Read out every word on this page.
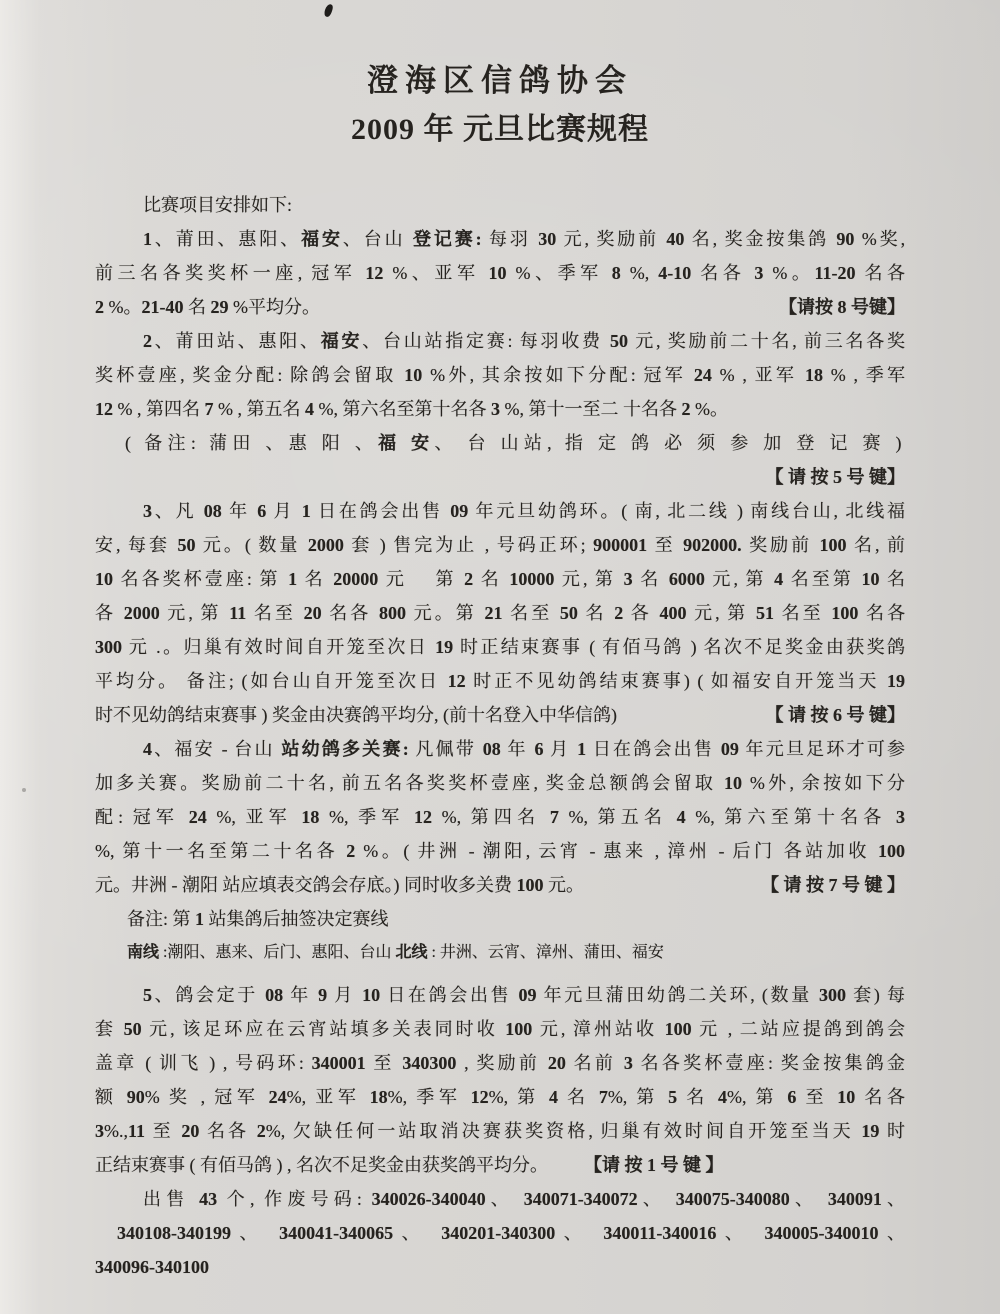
澄海区信鸽协会
2009 年 元旦比赛规程
比赛项目安排如下:
1、莆田、惠阳、福安、台山 登记赛: 每羽 30 元, 奖励前 40 名, 奖金按集鸽 90 %奖,
前三名各奖奖杯一座, 冠军 12 %、亚军 10 %、季军 8 %, 4-10 名各 3 %。11-20 名各
2 %。21-40 名 29 %平均分。	【请按 8 号键】
2、莆田站、惠阳、福安、台山站指定赛: 每羽收费 50 元, 奖励前二十名, 前三名各奖
奖杯壹座, 奖金分配: 除鸽会留取 10 %外, 其余按如下分配: 冠军 24 % , 亚军 18 % , 季军
12 % , 第四名 7 % , 第五名 4 %, 第六名至第十名各 3 %, 第十一至二 十名各 2 %。
( 备注: 蒲田 、惠 阳 、福 安、 台 山站, 指 定 鸽 必 须 参 加 登 记 赛 )
【 请 按 5 号 键】
3、凡 08 年 6 月 1 日在鸽会出售 09 年元旦幼鸽环。( 南, 北二线 ) 南线台山, 北线福
安, 每套 50 元。( 数量 2000 套 ) 售完为止 , 号码正环; 900001 至 902000. 奖励前 100 名, 前
10 名各奖杯壹座: 第 1 名 20000 元　 第 2 名 10000 元, 第 3 名 6000 元, 第 4 名至第 10 名
各 2000 元, 第 11 名至 20 名各 800 元。第 21 名至 50 名 2 各 400 元, 第 51 名至 100 名各
300 元 .。归巢有效时间自开笼至次日 19 时正结束赛事 ( 有佰马鸽 ) 名次不足奖金由获奖鸽
平均分。 备注; (如台山自开笼至次日 12 时正不见幼鸽结束赛事) ( 如福安自开笼当天 19
时不见幼鸽结束赛事 ) 奖金由决赛鸽平均分, (前十名登入中华信鸽)	【 请 按 6 号 键】
4、福安 - 台山 站幼鸽多关赛: 凡佩带 08 年 6 月 1 日在鸽会出售 09 年元旦足环才可参
加多关赛。奖励前二十名, 前五名各奖奖杯壹座, 奖金总额鸽会留取 10 %外, 余按如下分
配: 冠军 24 %, 亚军 18 %, 季军 12 %, 第四名 7 %, 第五名 4 %, 第六至第十名各 3
%, 第十一名至第二十名各 2 %。( 井洲 - 潮阳, 云宵 - 惠来 , 漳州 - 后门 各站加收 100
元。井洲 - 潮阳 站应填表交鸽会存底。) 同时收多关费 100 元。	【 请 按 7 号 键 】
备注: 第 1 站集鸽后抽签决定赛线
南线 :潮阳、惠来、后门、惠阳、台山 北线 : 井洲、云宵、漳州、蒲田、福安
5、鸽会定于 08 年 9 月 10 日在鸽会出售 09 年元旦蒲田幼鸽二关环, (数量 300 套) 每
套 50 元, 该足环应在云宵站填多关表同时收 100 元, 漳州站收 100 元 , 二站应提鸽到鸽会
盖章 ( 训飞 ) , 号码环: 340001 至 340300 , 奖励前 20 名前 3 名各奖杯壹座: 奖金按集鸽金
额 90% 奖 , 冠军 24%, 亚军 18%, 季军 12%, 第 4 名 7%, 第 5 名 4%, 第 6 至 10 名各
3%.,11 至 20 名各 2%, 欠缺任何一站取消决赛获奖资格, 归巢有效时间自开笼至当天 19 时
正结束赛事 ( 有佰马鸽 ) , 名次不足奖金由获奖鸽平均分。　　　【请 按 1 号 键 】
出售 43 个, 作废号码: 340026-340040、 340071-340072、 340075-340080、 340091、
340108-340199、 340041-340065、 340201-340300、 340011-340016、 340005-340010、
340096-340100
